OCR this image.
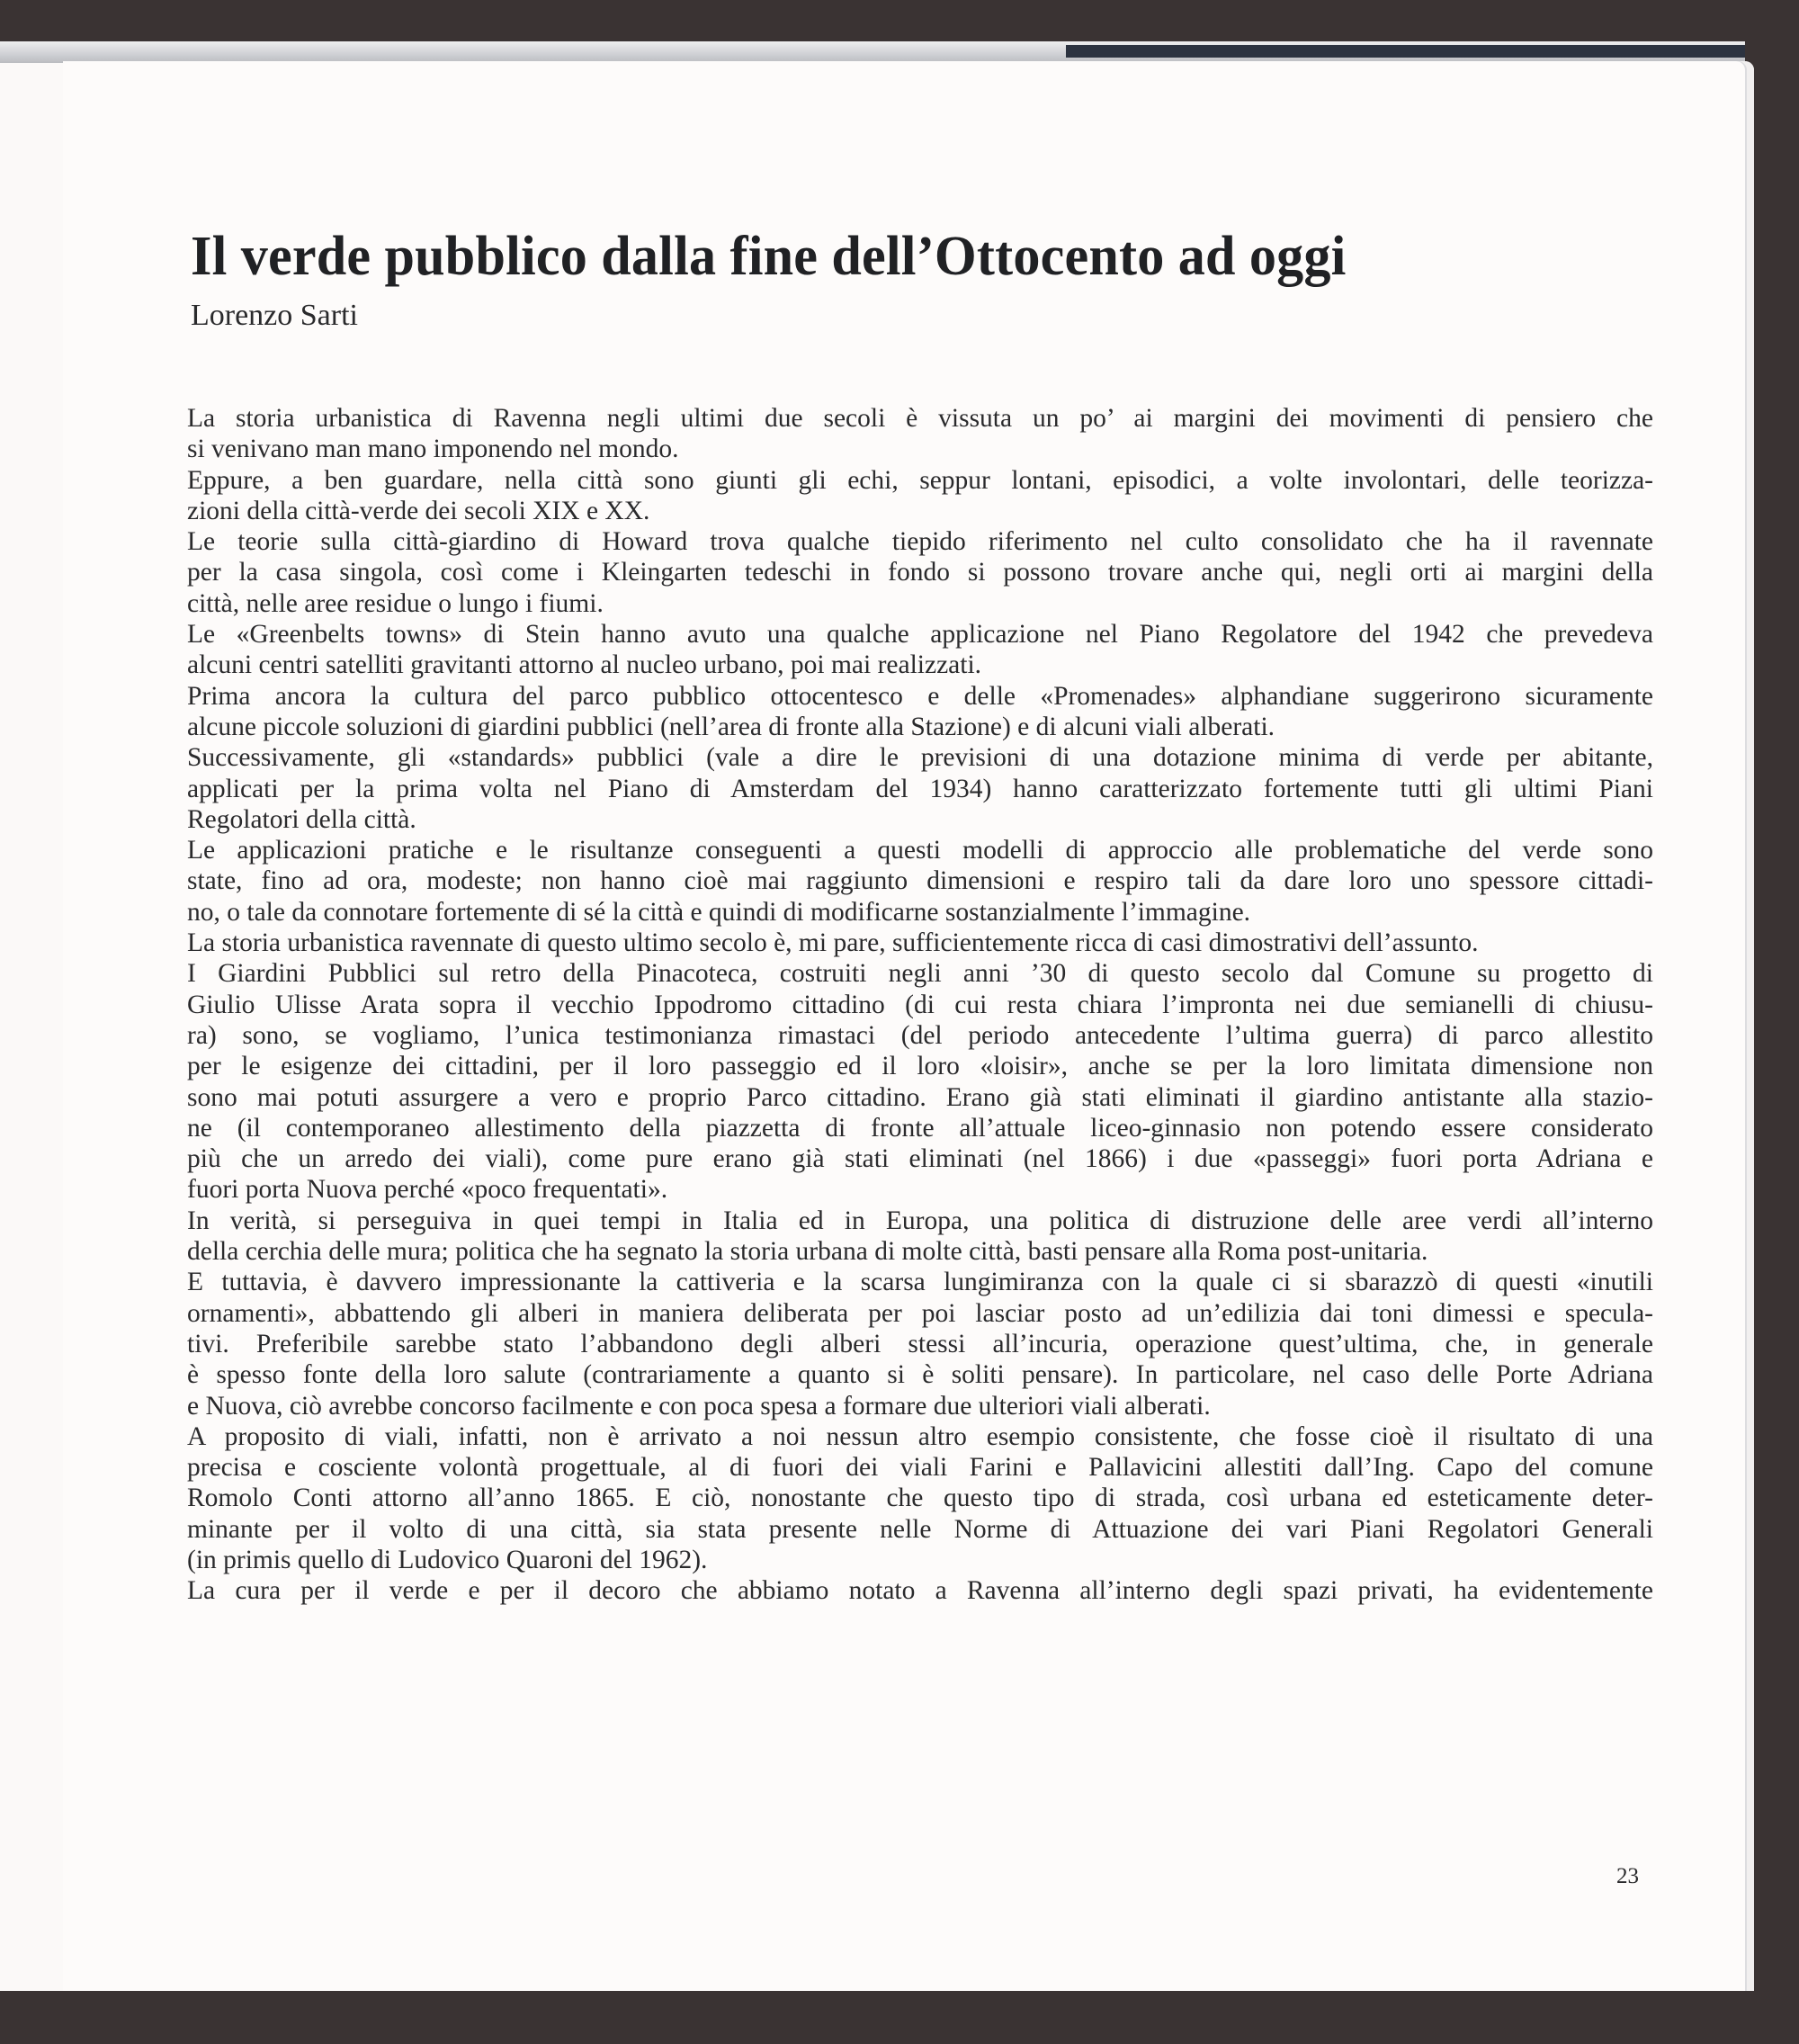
Il verde pubblico dalla fine dell’Ottocento ad oggi
Lorenzo Sarti
La storia urbanistica di Ravenna negli ultimi due secoli è vissuta un po’ ai margini dei movimenti di pensiero che
si venivano man mano imponendo nel mondo.
Eppure, a ben guardare, nella città sono giunti gli echi, seppur lontani, episodici, a volte involontari, delle teorizza-
zioni della città-verde dei secoli XIX e XX.
Le teorie sulla città-giardino di Howard trova qualche tiepido riferimento nel culto consolidato che ha il ravennate
per la casa singola, così come i Kleingarten tedeschi in fondo si possono trovare anche qui, negli orti ai margini della
città, nelle aree residue o lungo i fiumi.
Le «Greenbelts towns» di Stein hanno avuto una qualche applicazione nel Piano Regolatore del 1942 che prevedeva
alcuni centri satelliti gravitanti attorno al nucleo urbano, poi mai realizzati.
Prima ancora la cultura del parco pubblico ottocentesco e delle «Promenades» alphandiane suggerirono sicuramente
alcune piccole soluzioni di giardini pubblici (nell’area di fronte alla Stazione) e di alcuni viali alberati.
Successivamente, gli «standards» pubblici (vale a dire le previsioni di una dotazione minima di verde per abitante,
applicati per la prima volta nel Piano di Amsterdam del 1934) hanno caratterizzato fortemente tutti gli ultimi Piani
Regolatori della città.
Le applicazioni pratiche e le risultanze conseguenti a questi modelli di approccio alle problematiche del verde sono
state, fino ad ora, modeste; non hanno cioè mai raggiunto dimensioni e respiro tali da dare loro uno spessore cittadi-
no, o tale da connotare fortemente di sé la città e quindi di modificarne sostanzialmente l’immagine.
La storia urbanistica ravennate di questo ultimo secolo è, mi pare, sufficientemente ricca di casi dimostrativi dell’assunto.
I Giardini Pubblici sul retro della Pinacoteca, costruiti negli anni ’30 di questo secolo dal Comune su progetto di
Giulio Ulisse Arata sopra il vecchio Ippodromo cittadino (di cui resta chiara l’impronta nei due semianelli di chiusu-
ra) sono, se vogliamo, l’unica testimonianza rimastaci (del periodo antecedente l’ultima guerra) di parco allestito
per le esigenze dei cittadini, per il loro passeggio ed il loro «loisir», anche se per la loro limitata dimensione non
sono mai potuti assurgere a vero e proprio Parco cittadino. Erano già stati eliminati il giardino antistante alla stazio-
ne (il contemporaneo allestimento della piazzetta di fronte all’attuale liceo-ginnasio non potendo essere considerato
più che un arredo dei viali), come pure erano già stati eliminati (nel 1866) i due «passeggi» fuori porta Adriana e
fuori porta Nuova perché «poco frequentati».
In verità, si perseguiva in quei tempi in Italia ed in Europa, una politica di distruzione delle aree verdi all’interno
della cerchia delle mura; politica che ha segnato la storia urbana di molte città, basti pensare alla Roma post-unitaria.
E tuttavia, è davvero impressionante la cattiveria e la scarsa lungimiranza con la quale ci si sbarazzò di questi «inutili
ornamenti», abbattendo gli alberi in maniera deliberata per poi lasciar posto ad un’edilizia dai toni dimessi e specula-
tivi. Preferibile sarebbe stato l’abbandono degli alberi stessi all’incuria, operazione quest’ultima, che, in generale
è spesso fonte della loro salute (contrariamente a quanto si è soliti pensare). In particolare, nel caso delle Porte Adriana
e Nuova, ciò avrebbe concorso facilmente e con poca spesa a formare due ulteriori viali alberati.
A proposito di viali, infatti, non è arrivato a noi nessun altro esempio consistente, che fosse cioè il risultato di una
precisa e cosciente volontà progettuale, al di fuori dei viali Farini e Pallavicini allestiti dall’Ing. Capo del comune
Romolo Conti attorno all’anno 1865. E ciò, nonostante che questo tipo di strada, così urbana ed esteticamente deter-
minante per il volto di una città, sia stata presente nelle Norme di Attuazione dei vari Piani Regolatori Generali
(in primis quello di Ludovico Quaroni del 1962).
La cura per il verde e per il decoro che abbiamo notato a Ravenna all’interno degli spazi privati, ha evidentemente
23
